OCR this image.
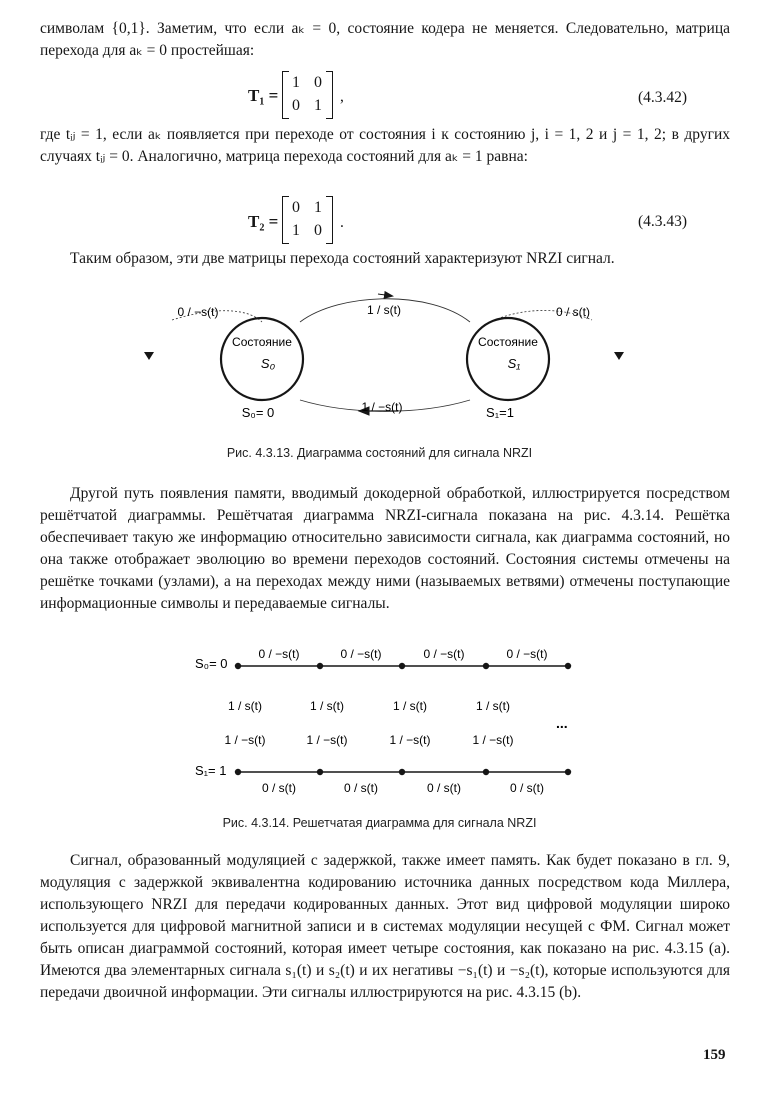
символам {0,1}. Заметим, что если aₖ = 0, состояние кодера не меняется. Следовательно, матрица перехода для aₖ = 0 простейшая:
T₁ =
1 0
0 1
,	(4.3.42)
где tᵢⱼ = 1, если aₖ появляется при переходе от состояния i к состоянию j, i = 1, 2 и j = 1, 2; в других случаях tᵢⱼ = 0. Аналогично, матрица перехода состояний для aₖ = 1 равна:
T₂ =
0 1
1 0	.	(4.3.43)
Таким образом, эти две матрицы перехода состояний характеризуют NRZI сигнал.
Состояние
S₀
Состояние
S₁
0 / −s(t)	0 / s(t)
1 / s(t)
1 / −s(t)
S₀= 0	S₁=1
Рис. 4.3.13. Диаграмма состояний для сигнала NRZI
Другой путь появления памяти, вводимый докодерной обработкой, иллюстрируется посредством решётчатой диаграммы. Решётчатая диаграмма NRZI-сигнала показана на рис. 4.3.14. Решётка обеспечивает такую же информацию относительно зависимости сигнала, как диаграмма состояний, но она также отображает эволюцию во времени переходов состояний. Состояния системы отмечены на решётке точками (узлами), а на переходах между ними (называемых ветвями) отмечены поступающие информационные символы и передаваемые сигналы.
0 / −s(t)
1 / s(t)
1 / −s(t)
0 / s(t)
0 / −s(t)
1 / s(t)
1 / −s(t)
0 / s(t)
0 / −s(t)
1 / s(t)
1 / −s(t)
0 / s(t)
0 / −s(t)
1 / s(t)
1 / −s(t)
0 / s(t)
S₀= 0
S₁= 1
...
Рис. 4.3.14. Решетчатая диаграмма для сигнала NRZI
Сигнал, образованный модуляцией с задержкой, также имеет память. Как будет показано в гл. 9, модуляция с задержкой эквивалентна кодированию источника данных посредством кода Миллера, использующего NRZI для передачи кодированных данных. Этот вид цифровой модуляции широко используется для цифровой магнитной записи и в системах модуляции несущей с ФМ. Сигнал может быть описан диаграммой состояний, которая имеет четыре состояния, как показано на рис. 4.3.15 (a). Имеются два элементарных сигнала s₁(t) и s₂(t) и их негативы −s₁(t) и −s₂(t), которые используются для передачи двоичной информации. Эти сигналы иллюстрируются на рис. 4.3.15 (b).
159
